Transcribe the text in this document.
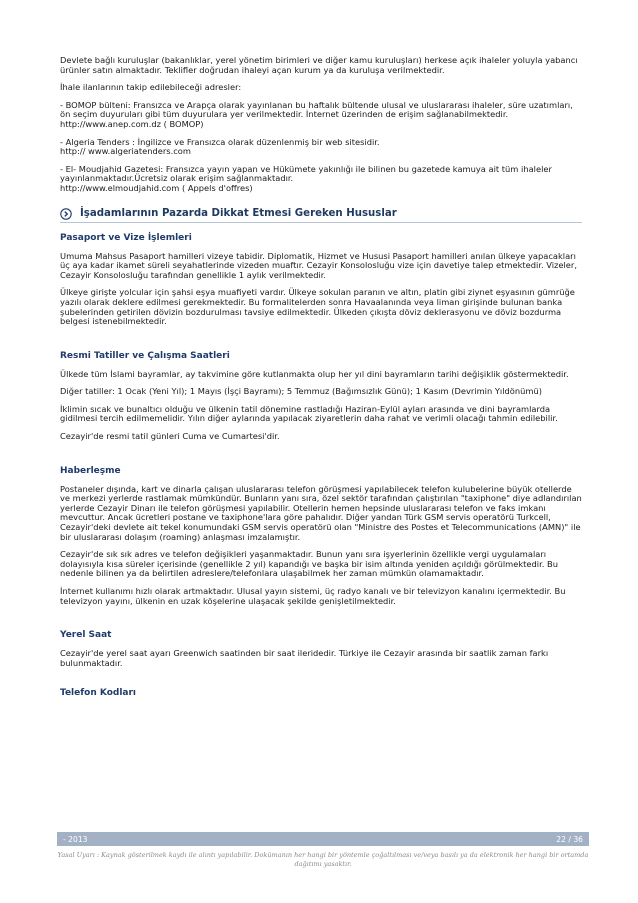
Devlete bağlı kuruluşlar (bakanlıklar, yerel yönetim birimleri ve diğer kamu kuruluşları) herkese açık ihaleler yoluyla yabancı ürünler satın almaktadır. Teklifler doğrudan ihaleyi açan kurum ya da kuruluşa verilmektedir.

İhale ilanlarının takip edilebileceği adresler:

- BOMOP bülteni: Fransızca ve Arapça olarak yayınlanan bu haftalık bültende ulusal ve uluslararası ihaleler, süre uzatımları, ön seçim duyuruları gibi tüm duyurulara yer verilmektedir. İnternet üzerinden de erişim sağlanabilmektedir.
http://www.anep.com.dz ( BOMOP)

- Algeria Tenders : İngilizce ve Fransızca olarak düzenlenmiş bir web sitesidir.
http:// www.algeriatenders.com

- El- Moudjahid Gazetesi: Fransızca yayın yapan ve Hükümete yakınlığı ile bilinen bu gazetede kamuya ait tüm ihaleler yayınlanmaktadır.Ücretsiz olarak erişim sağlanmaktadır.
http://www.elmoudjahid.com ( Appels d'offres)

İşadamlarının Pazarda Dikkat Etmesi Gereken Hususlar
Pasaport ve Vize İşlemleri

Umuma Mahsus Pasaport hamilleri vizeye tabidir. Diplomatik, Hizmet ve Hususi Pasaport hamilleri anılan ülkeye yapacakları üç aya kadar ikamet süreli seyahatlerinde vizeden muaftır. Cezayir Konsolosluğu vize için davetiye talep etmektedir. Vizeler, Cezayir Konsolosluğu tarafından genellikle 1 aylık verilmektedir.

Ülkeye girişte yolcular için şahsi eşya muafiyeti vardır. Ülkeye sokulan paranın ve altın, platin gibi ziynet eşyasının gümrüğe yazılı olarak deklere edilmesi gerekmektedir. Bu formalitelerden sonra Havaalanında veya liman girişinde bulunan banka şubelerinden getirilen dövizin bozdurulması tavsiye edilmektedir. Ülkeden çıkışta döviz deklerasyonu ve döviz bozdurma belgesi istenebilmektedir.

Resmi Tatiller ve Çalışma Saatleri

Ülkede tüm İslami bayramlar, ay takvimine göre kutlanmakta olup her yıl dini bayramların tarihi değişiklik göstermektedir.

Diğer tatiller: 1 Ocak (Yeni Yıl); 1 Mayıs (İşçi Bayramı); 5 Temmuz (Bağımsızlık Günü); 1 Kasım (Devrimin Yıldönümü)

İklimin sıcak ve bunaltıcı olduğu ve ülkenin tatil dönemine rastladığı Haziran-Eylül ayları arasında ve dini bayramlarda gidilmesi tercih edilmemelidir. Yılın diğer aylarında yapılacak ziyaretlerin daha rahat ve verimli olacağı tahmin edilebilir.

Cezayir'de resmi tatil günleri Cuma ve Cumartesi'dir.

Haberleşme

Postaneler dışında, kart ve dinarla çalışan uluslararası telefon görüşmesi yapılabilecek telefon kulubelerine büyük otellerde ve merkezi yerlerde rastlamak mümkündür. Bunların yanı sıra, özel sektör tarafından çalıştırılan "taxiphone" diye adlandırılan yerlerde Cezayir Dinarı ile telefon görüşmesi yapılabilir. Otellerin hemen hepsinde uluslararası telefon ve faks imkanı mevcuttur. Ancak ücretleri postane ve taxiphone'lara göre pahalıdır. Diğer yandan Türk GSM servis operatörü Turkcell, Cezayir'deki devlete ait tekel konumundaki GSM servis operatörü olan "Ministre des Postes et Telecommunications (AMN)" ile bir uluslararası dolaşım (roaming) anlaşması imzalamıştır.

Cezayir'de sık sık adres ve telefon değişikleri yaşanmaktadır. Bunun yanı sıra işyerlerinin özellikle vergi uygulamaları dolayısıyla kısa süreler içerisinde (genellikle 2 yıl) kapandığı ve başka bir isim altında yeniden açıldığı görülmektedir. Bu nedenle bilinen ya da belirtilen adreslere/telefonlara ulaşabilmek her zaman mümkün olamamaktadır.

İnternet kullanımı hızlı olarak artmaktadır. Ulusal yayın sistemi, üç radyo kanalı ve bir televizyon kanalını içermektedir. Bu televizyon yayını, ülkenin en uzak köşelerine ulaşacak şekilde genişletilmektedir.

Yerel Saat

Cezayir'de yerel saat ayarı Greenwich saatinden bir saat ileridedir. Türkiye ile Cezayir arasında bir saatlik zaman farkı bulunmaktadır.

Telefon Kodları
- 2013	22 / 36
Yasal Uyarı : Kaynak gösterilmek kaydı ile alıntı yapılabilir. Dokümanın her hangi bir yöntemle çoğaltılması ve/veya basılı ya da elektronik her hangi bir ortamda dağıtımı yasaktır.
